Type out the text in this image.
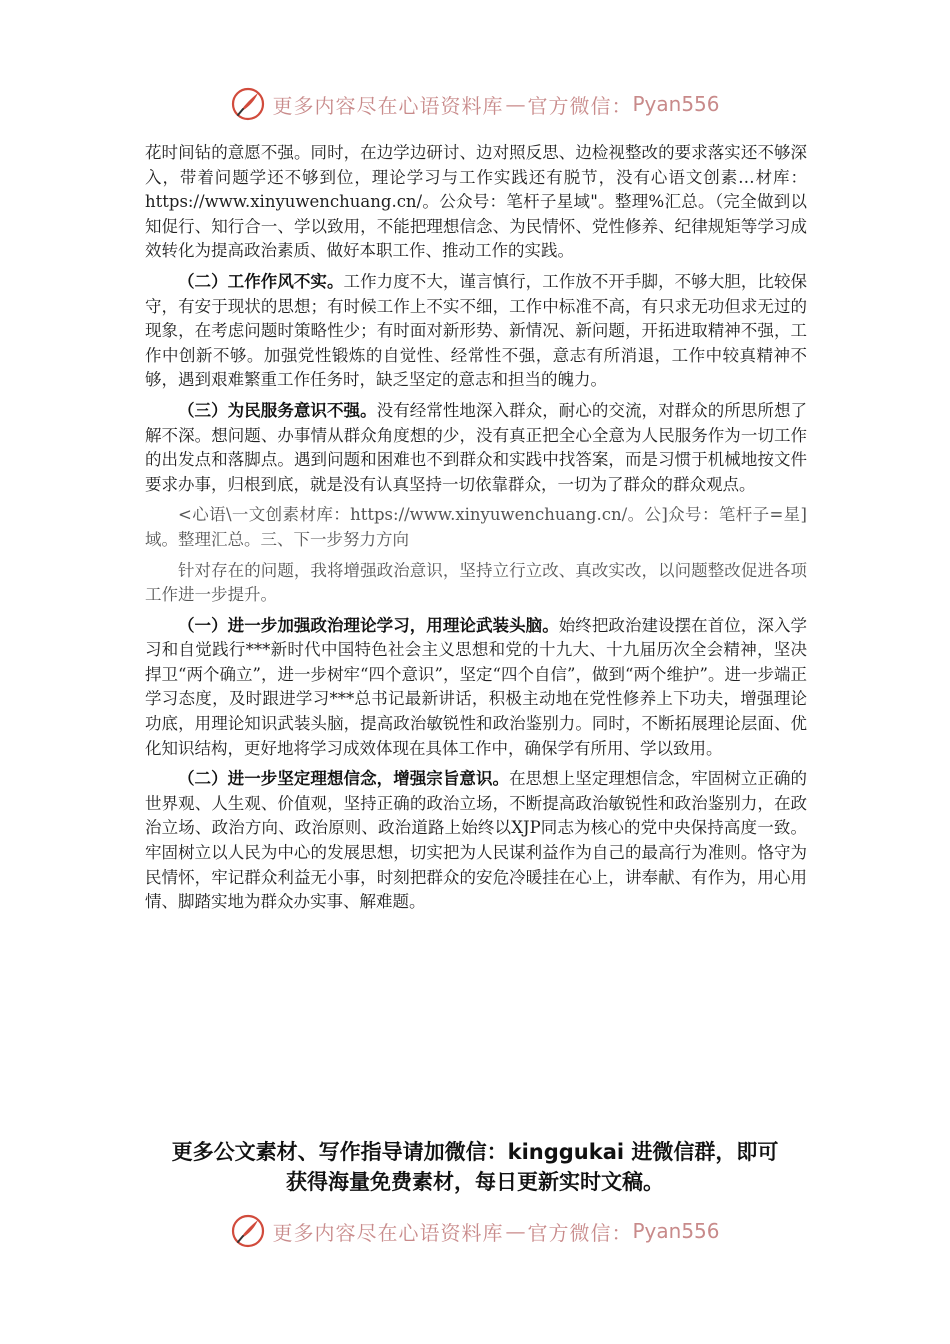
更多内容尽在心语资料库 — 官方微信： Pyan556

花时间钻的意愿不强。同时，在边学边研讨、边对照反思、边检视整改的要求落实还不够深入，带着问题学还不够到位，理论学习与工作实践还有脱节，没有心语文创素…材库：https://www.xinyuwenchuang.cn/。公众号：笔杆子星域"。整理%汇总。（完全做到以知促行、知行合一、学以致用，不能把理想信念、为民情怀、党性修养、纪律规矩等学习成效转化为提高政治素质、做好本职工作、推动工作的实践。

（二）工作作风不实。工作力度不大，谨言慎行，工作放不开手脚，不够大胆，比较保守，有安于现状的思想；有时候工作上不实不细，工作中标准不高，有只求无功但求无过的现象，在考虑问题时策略性少；有时面对新形势、新情况、新问题，开拓进取精神不强，工作中创新不够。加强党性锻炼的自觉性、经常性不强，意志有所消退，工作中较真精神不够，遇到艰难繁重工作任务时，缺乏坚定的意志和担当的魄力。

（三）为民服务意识不强。没有经常性地深入群众，耐心的交流，对群众的所思所想了解不深。想问题、办事情从群众角度想的少，没有真正把全心全意为人民服务作为一切工作的出发点和落脚点。遇到问题和困难也不到群众和实践中找答案，而是习惯于机械地按文件要求办事，归根到底，就是没有认真坚持一切依靠群众，一切为了群众的群众观点。

<心语\一文创素材库：https://www.xinyuwenchuang.cn/。公]众号：笔杆子=星]域。整理汇总。三、下一步努力方向

针对存在的问题，我将增强政治意识，坚持立行立改、真改实改，以问题整改促进各项工作进一步提升。

（一）进一步加强政治理论学习，用理论武装头脑。始终把政治建设摆在首位，深入学习和自觉践行***新时代中国特色社会主义思想和党的十九大、十九届历次全会精神，坚决捍卫“两个确立”，进一步树牢“四个意识”，坚定“四个自信”，做到“两个维护”。进一步端正学习态度，及时跟进学习***总书记最新讲话，积极主动地在党性修养上下功夫，增强理论功底，用理论知识武装头脑，提高政治敏锐性和政治鉴别力。同时，不断拓展理论层面、优化知识结构，更好地将学习成效体现在具体工作中，确保学有所用、学以致用。

（二）进一步坚定理想信念，增强宗旨意识。在思想上坚定理想信念，牢固树立正确的世界观、人生观、价值观，坚持正确的政治立场，不断提高政治敏锐性和政治鉴别力，在政治立场、政治方向、政治原则、政治道路上始终以XJP同志为核心的党中央保持高度一致。牢固树立以人民为中心的发展思想，切实把为人民谋利益作为自己的最高行为准则。恪守为民情怀，牢记群众利益无小事，时刻把群众的安危冷暖挂在心上，讲奉献、有作为，用心用情、脚踏实地为群众办实事、解难题。

更多公文素材、写作指导请加微信：kinggukai 进微信群，即可
获得海量免费素材，每日更新实时文稿。
更多内容尽在心语资料库 — 官方微信： Pyan556
